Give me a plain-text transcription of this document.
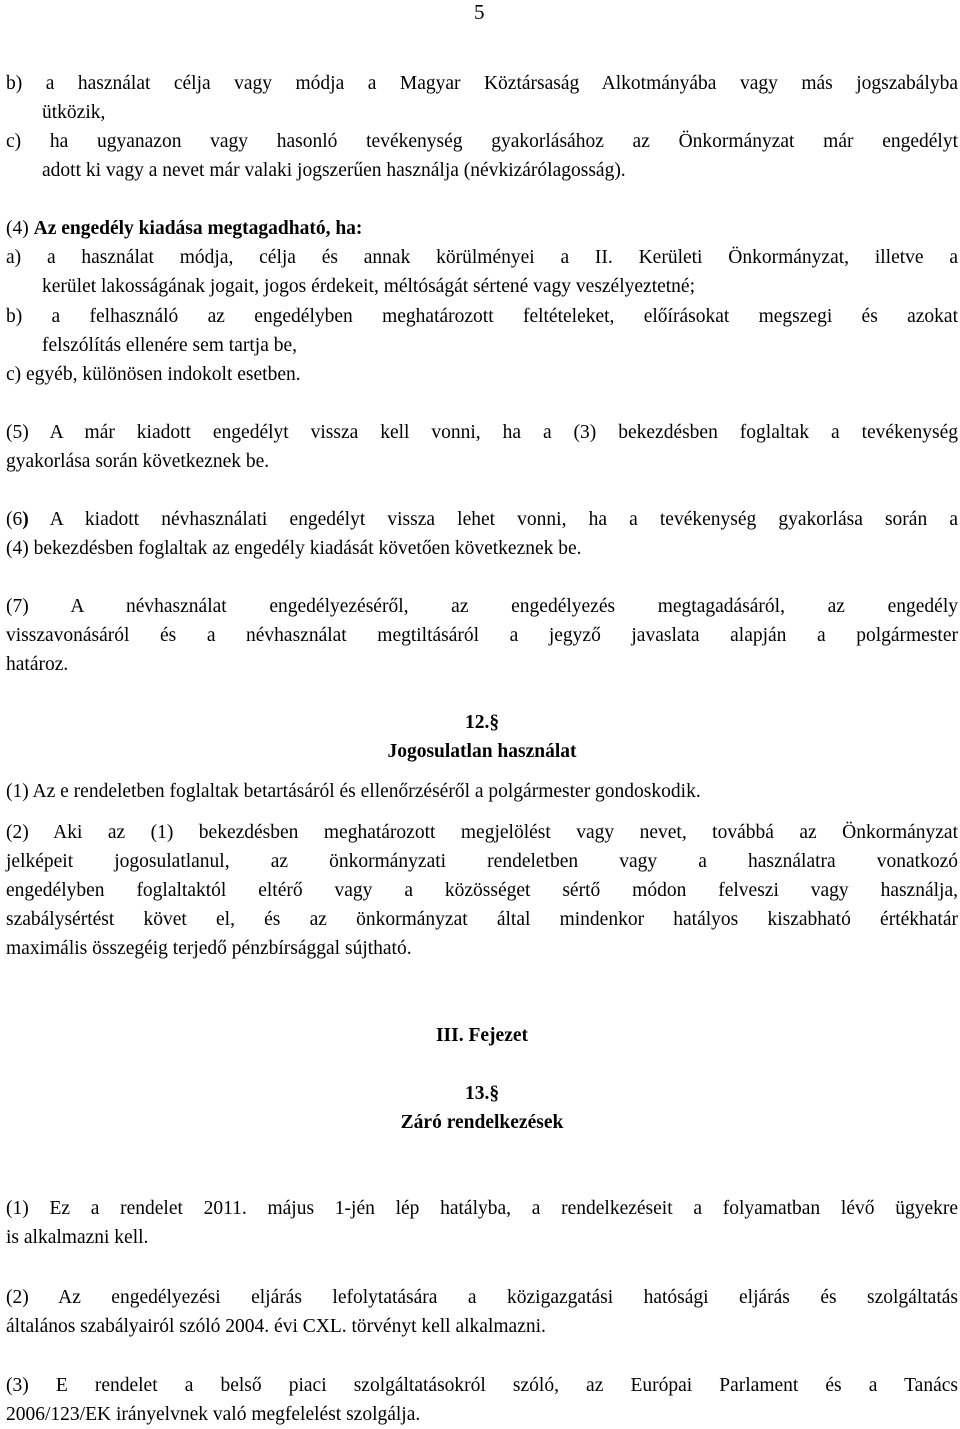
5
b) a használat célja vagy módja a Magyar Köztársaság Alkotmányába vagy más jogszabályba
ütközik,
c) ha ugyanazon vagy hasonló tevékenység gyakorlásához az Önkormányzat már engedélyt
adott ki vagy a nevet már valaki jogszerűen használja (névkizárólagosság).
(4) Az engedély kiadása megtagadható, ha:
a) a használat módja, célja és annak körülményei a II. Kerületi Önkormányzat, illetve a
kerület lakosságának jogait, jogos érdekeit, méltóságát sértené vagy veszélyeztetné;
b) a felhasználó az engedélyben meghatározott feltételeket, előírásokat megszegi és azokat
felszólítás ellenére sem tartja be,
c) egyéb, különösen indokolt esetben.
(5) A már kiadott engedélyt vissza kell vonni, ha a (3) bekezdésben foglaltak a tevékenység
gyakorlása során következnek be.
(6) A kiadott névhasználati engedélyt vissza lehet vonni, ha a tevékenység gyakorlása során a
(4) bekezdésben foglaltak az engedély kiadását követően következnek be.
(7) A névhasználat engedélyezéséről, az engedélyezés megtagadásáról, az engedély
visszavonásáról és a névhasználat megtiltásáról a jegyző javaslata alapján a polgármester
határoz.
12.§
Jogosulatlan használat
(1) Az e rendeletben foglaltak betartásáról és ellenőrzéséről a polgármester gondoskodik.
(2) Aki az (1) bekezdésben meghatározott megjelölést vagy nevet, továbbá az Önkormányzat
jelképeit jogosulatlanul, az önkormányzati rendeletben vagy a használatra vonatkozó
engedélyben foglaltaktól eltérő vagy a közösséget sértő módon felveszi vagy használja,
szabálysértést követ el, és az önkormányzat által mindenkor hatályos kiszabható értékhatár
maximális összegéig terjedő pénzbírsággal sújtható.
III. Fejezet
13.§
Záró rendelkezések
(1) Ez a rendelet 2011. május 1-jén lép hatályba, a rendelkezéseit a folyamatban lévő ügyekre
is alkalmazni kell.
(2) Az engedélyezési eljárás lefolytatására a közigazgatási hatósági eljárás és szolgáltatás
általános szabályairól szóló 2004. évi CXL. törvényt kell alkalmazni.
(3) E rendelet a belső piaci szolgáltatásokról szóló, az Európai Parlament és a Tanács
2006/123/EK irányelvnek való megfelelést szolgálja.
